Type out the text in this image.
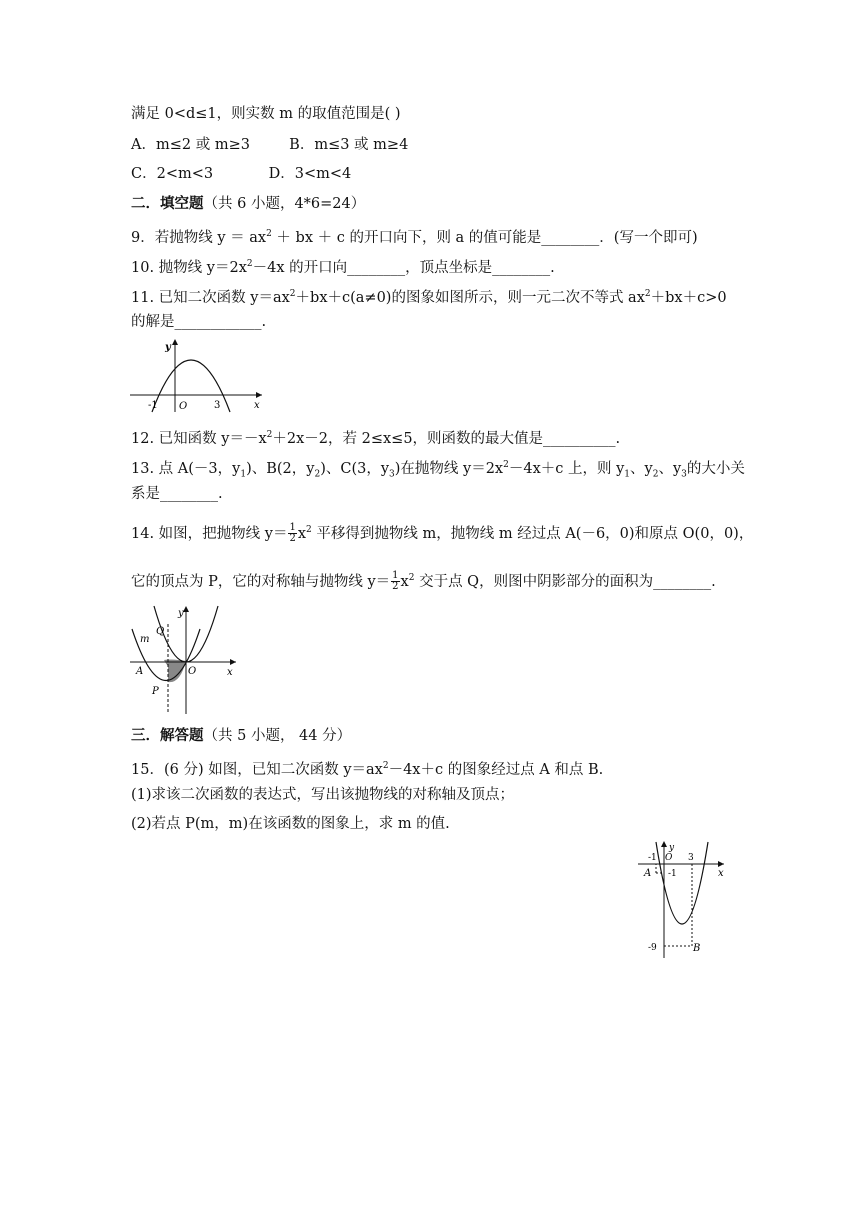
满足 0<d≤1，则实数 m 的取值范围是( )
A．m≤2 或 m≥3	B．m≤3 或 m≥4
C．2<m<3	D．3<m<4
二．填空题（共 6 小题，4*6=24）
9．若抛物线 $y = ax^2$ ＋ bx ＋ c 的开口向下，则 a 的值可能是________．(写一个即可)
10. 抛物线 $y=2x^2-4x$ 的开口向________，顶点坐标是________.
11. 已知二次函数 $y=ax^2+bx+c(a\ne 0)$的图象如图所示，则一元二次不等式 $ax^2+bx+c>0$
的解是____________.
y
x
-1 O	3
12. 已知函数 $y=-x^2+2x-2$，若 2≤x≤5，则函数的最大值是__________.
13. 点 A(－3，$y_1$)、B(2，$y_2$)、C(3，$y_3$)在抛物线 $y=2x^2-4x+c$ 上，则 $y_1$、$y_2$、$y_3$的大小关
系是________.
14. 如图，把抛物线 $y= \frac{1}{2} x^2$ 平移得到抛物线 m，抛物线 m 经过点 A(－6，0)和原点 O(0，0)，
它的顶点为 P，它的对称轴与抛物线 $y= \frac{1}{2} x^2$ 交于点 Q，则图中阴影部分的面积为________.
y
x
m
Q
A	O
P
三．解答题（共 5 小题， 44 分）
15．(6 分) 如图，已知二次函数 $y=ax^2-4x+c$ 的图象经过点 A 和点 B.
(1)求该二次函数的表达式，写出该抛物线的对称轴及顶点；
(2)若点 P(m，m)在该函数的图象上，求 m 的值.
y
x
-1 O 3
A -1
-9	B
